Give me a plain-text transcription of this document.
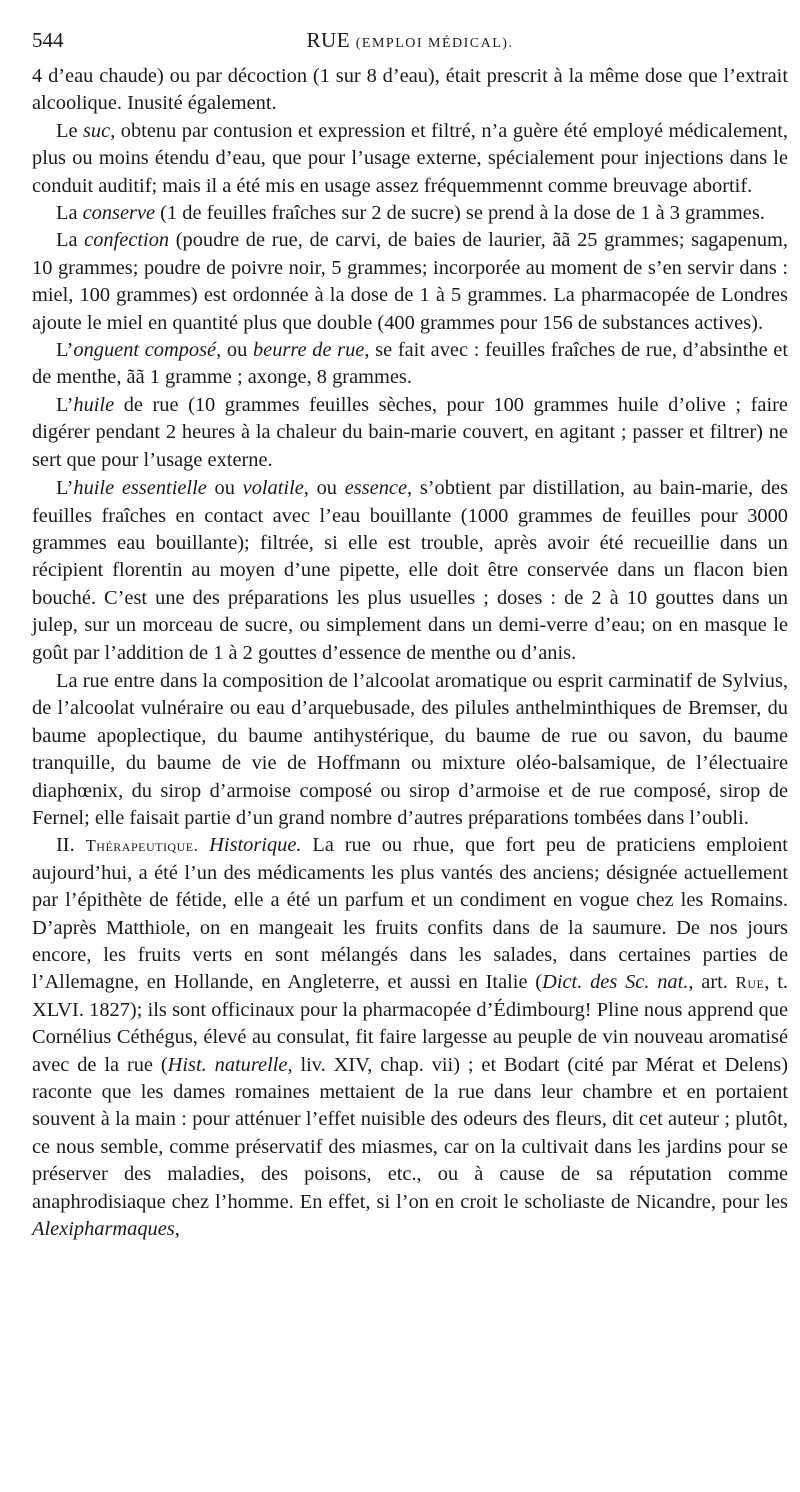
544	RUE (EMPLOI MÉDICAL).

4 d’eau chaude) ou par décoction (1 sur 8 d’eau), était prescrit à la même dose que l’extrait alcoolique. Inusité également.

Le suc, obtenu par contusion et expression et filtré, n’a guère été employé médicalement, plus ou moins étendu d’eau, que pour l’usage externe, spécialement pour injections dans le conduit auditif; mais il a été mis en usage assez fréquemmennt comme breuvage abortif.

La conserve (1 de feuilles fraîches sur 2 de sucre) se prend à la dose de 1 à 3 grammes.

La confection (poudre de rue, de carvi, de baies de laurier, ãã 25 grammes; sagapenum, 10 grammes; poudre de poivre noir, 5 grammes; incorporée au moment de s’en servir dans : miel, 100 grammes) est ordonnée à la dose de 1 à 5 grammes. La pharmacopée de Londres ajoute le miel en quantité plus que double (400 grammes pour 156 de substances actives).

L’onguent composé, ou beurre de rue, se fait avec : feuilles fraîches de rue, d’absinthe et de menthe, ãã 1 gramme ; axonge, 8 grammes.

L’huile de rue (10 grammes feuilles sèches, pour 100 grammes huile d’olive ; faire digérer pendant 2 heures à la chaleur du bain-marie couvert, en agitant ; passer et filtrer) ne sert que pour l’usage externe.

L’huile essentielle ou volatile, ou essence, s’obtient par distillation, au bain-marie, des feuilles fraîches en contact avec l’eau bouillante (1000 grammes de feuilles pour 3000 grammes eau bouillante); filtrée, si elle est trouble, après avoir été recueillie dans un récipient florentin au moyen d’une pipette, elle doit être conservée dans un flacon bien bouché. C’est une des préparations les plus usuelles ; doses : de 2 à 10 gouttes dans un julep, sur un morceau de sucre, ou simplement dans un demi-verre d’eau; on en masque le goût par l’addition de 1 à 2 gouttes d’essence de menthe ou d’anis.

La rue entre dans la composition de l’alcoolat aromatique ou esprit carminatif de Sylvius, de l’alcoolat vulnéraire ou eau d’arquebusade, des pilules anthelminthiques de Bremser, du baume apoplectique, du baume antihystérique, du baume de rue ou savon, du baume tranquille, du baume de vie de Hoffmann ou mixture oléo-balsamique, de l’électuaire diaphœnix, du sirop d’armoise composé ou sirop d’armoise et de rue composé, sirop de Fernel; elle faisait partie d’un grand nombre d’autres préparations tombées dans l’oubli.

II. Thérapeutique. Historique. La rue ou rhue, que fort peu de praticiens emploient aujourd’hui, a été l’un des médicaments les plus vantés des anciens; désignée actuellement par l’épithète de fétide, elle a été un parfum et un condiment en vogue chez les Romains. D’après Matthiole, on en mangeait les fruits confits dans de la saumure. De nos jours encore, les fruits verts en sont mélangés dans les salades, dans certaines parties de l’Allemagne, en Hollande, en Angleterre, et aussi en Italie (Dict. des Sc. nat., art. Rue, t. XLVI. 1827); ils sont officinaux pour la pharmacopée d’Édimbourg! Pline nous apprend que Cornélius Céthégus, élevé au consulat, fit faire largesse au peuple de vin nouveau aromatisé avec de la rue (Hist. naturelle, liv. XIV, chap. vii) ; et Bodart (cité par Mérat et Delens) raconte que les dames romaines mettaient de la rue dans leur chambre et en portaient souvent à la main : pour atténuer l’effet nuisible des odeurs des fleurs, dit cet auteur ; plutôt, ce nous semble, comme préservatif des miasmes, car on la cultivait dans les jardins pour se préserver des maladies, des poisons, etc., ou à cause de sa réputation comme anaphrodisiaque chez l’homme. En effet, si l’on en croit le scholiaste de Nicandre, pour les Alexipharmaques,
